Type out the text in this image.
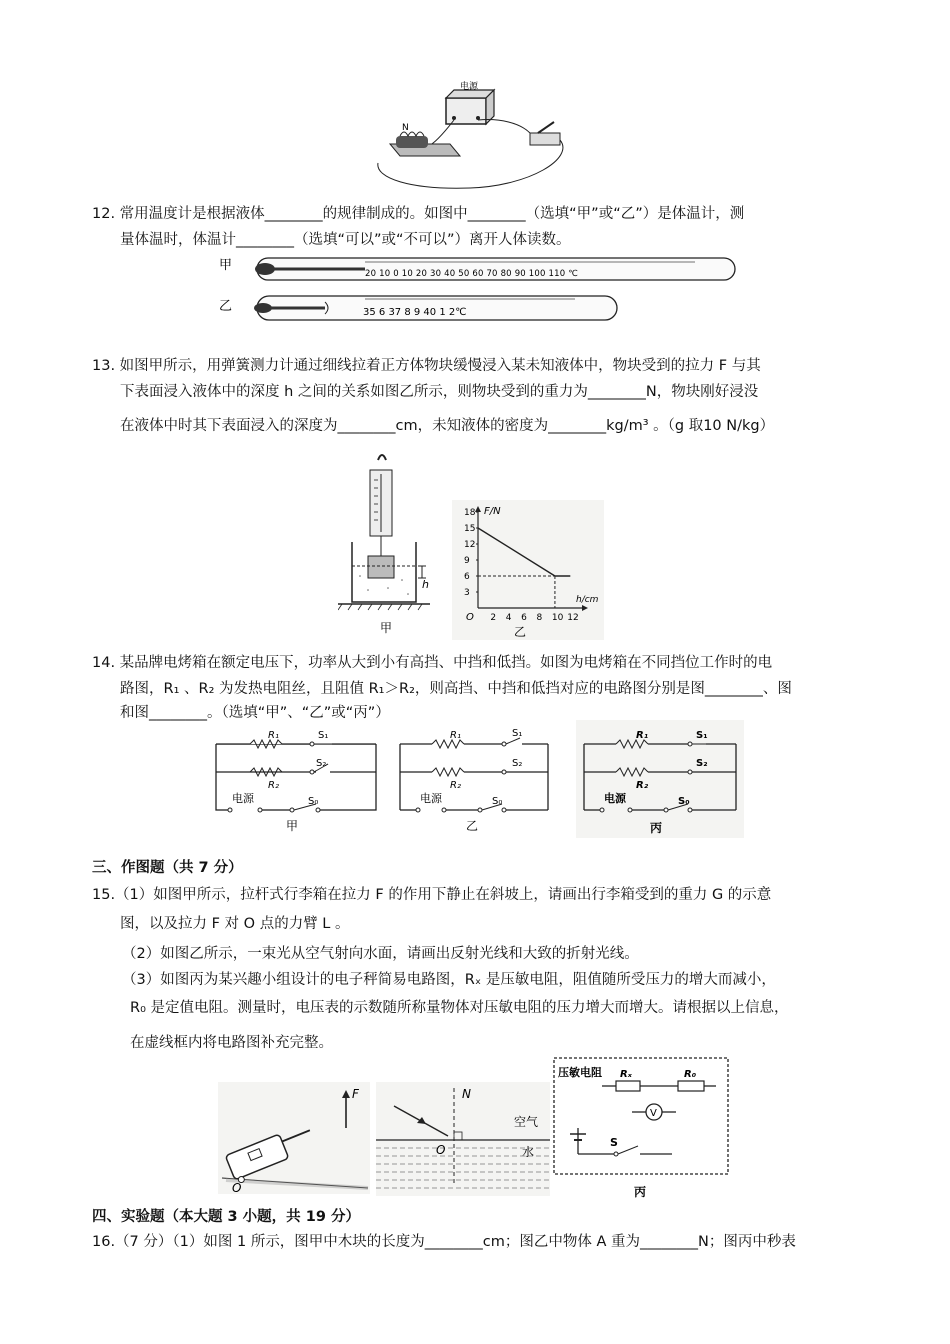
电源
N
12. 常用温度计是根据液体________的规律制成的。如图中________（选填“甲”或“乙”）是体温计，测
量体温时，体温计________（选填“可以”或“不可以”）离开人体读数。
甲
乙
20 10 0 10 20 30 40 50 60 70 80 90 100 110 ℃
35 6 37 8 9 40 1 2℃
13. 如图甲所示，用弹簧测力计通过细线拉着正方体物块缓慢浸入某未知液体中，物块受到的拉力 F 与其
下表面浸入液体中的深度 h 之间的关系如图乙所示，则物块受到的重力为________N，物块刚好浸没
在液体中时其下表面浸入的深度为________cm，未知液体的密度为________kg/m³ 。（g 取10 N/kg）
h
甲
F/N
h/cm
O
18
15
12
9
6
3
2 4 6 8 10 12
乙
14. 某品牌电烤箱在额定电压下，功率从大到小有高挡、中挡和低挡。如图为电烤箱在不同挡位工作时的电
路图，R₁ 、R₂ 为发热电阻丝，且阻值 R₁＞R₂，则高挡、中挡和低挡对应的电路图分别是图________、图
和图________。（选填“甲”、“乙”或“丙”）
R₁	S₁
S₂
R₂
电源	S₀
甲
R₁	S₁
S₂
R₂
电源	S₀
乙
R₁	S₁
S₂
R₂
电源	S₀
丙
三、作图题（共 7 分）
15.（1）如图甲所示，拉杆式行李箱在拉力 F 的作用下静止在斜坡上，请画出行李箱受到的重力 G 的示意
图，以及拉力 F 对 O 点的力臂 L 。
（2）如图乙所示，一束光从空气射向水面，请画出反射光线和大致的折射光线。
（3）如图丙为某兴趣小组设计的电子秤简易电路图，Rₓ 是压敏电阻，阻值随所受压力的增大而减小，
R₀ 是定值电阻。测量时，电压表的示数随所称量物体对压敏电阻的压力增大而增大。请根据以上信息，
在虚线框内将电路图补充完整。
F
O
N
O
空气
水
压敏电阻 Rₓ	R₀
V
S
丙
四、实验题（本大题 3 小题，共 19 分）
16.（7 分）（1）如图 1 所示，图甲中木块的长度为________cm；图乙中物体 A 重为________N；图丙中秒表
